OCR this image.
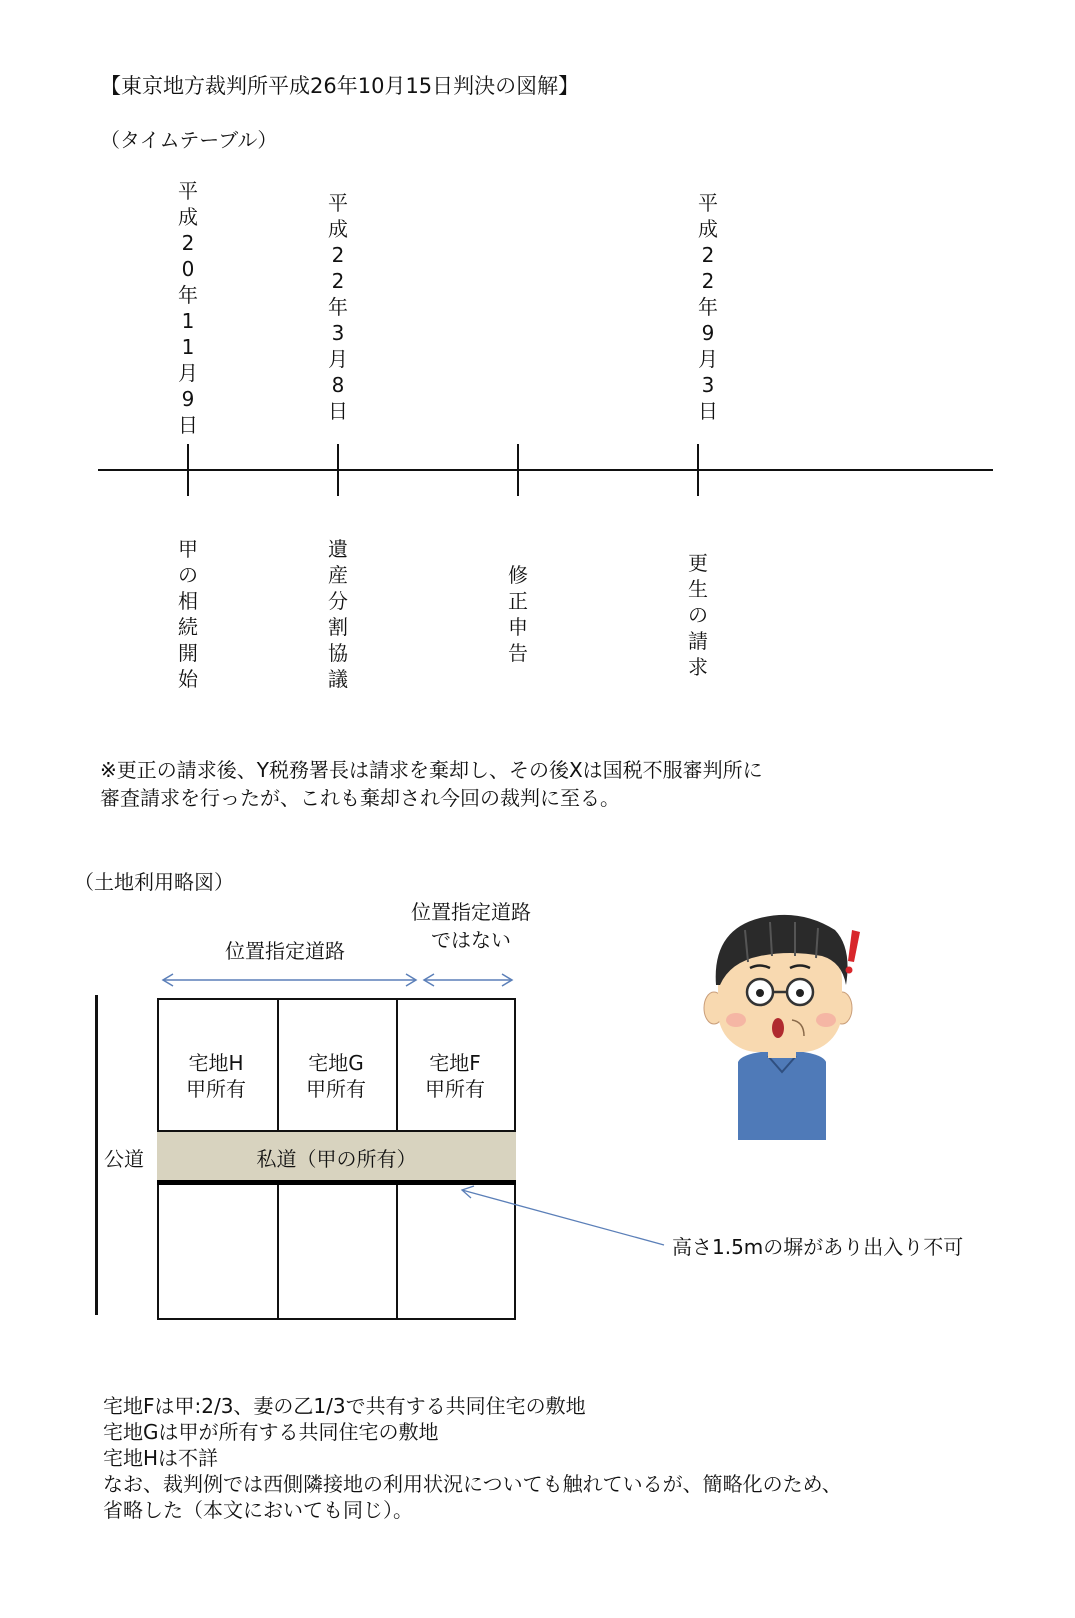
【東京地方裁判所平成26年10月15日判決の図解】
（タイムテーブル）
平成20年11月9日
平成22年3月8日
平成22年9月3日
甲の相続開始
遺産分割協議
修正申告
更生の請求
※更正の請求後、Y税務署長は請求を棄却し、その後Xは国税不服審判所に
審査請求を行ったが、これも棄却され今回の裁判に至る。
（土地利用略図）
位置指定道路
位置指定道路
ではない
公道
宅地H
甲所有
宅地G
甲所有
宅地F
甲所有
私道（甲の所有）
高さ1.5mの塀があり出入り不可
宅地Fは甲:2/3、妻の乙1/3で共有する共同住宅の敷地
宅地Gは甲が所有する共同住宅の敷地
宅地Hは不詳
なお、裁判例では西側隣接地の利用状況についても触れているが、簡略化のため、
省略した（本文においても同じ）。
